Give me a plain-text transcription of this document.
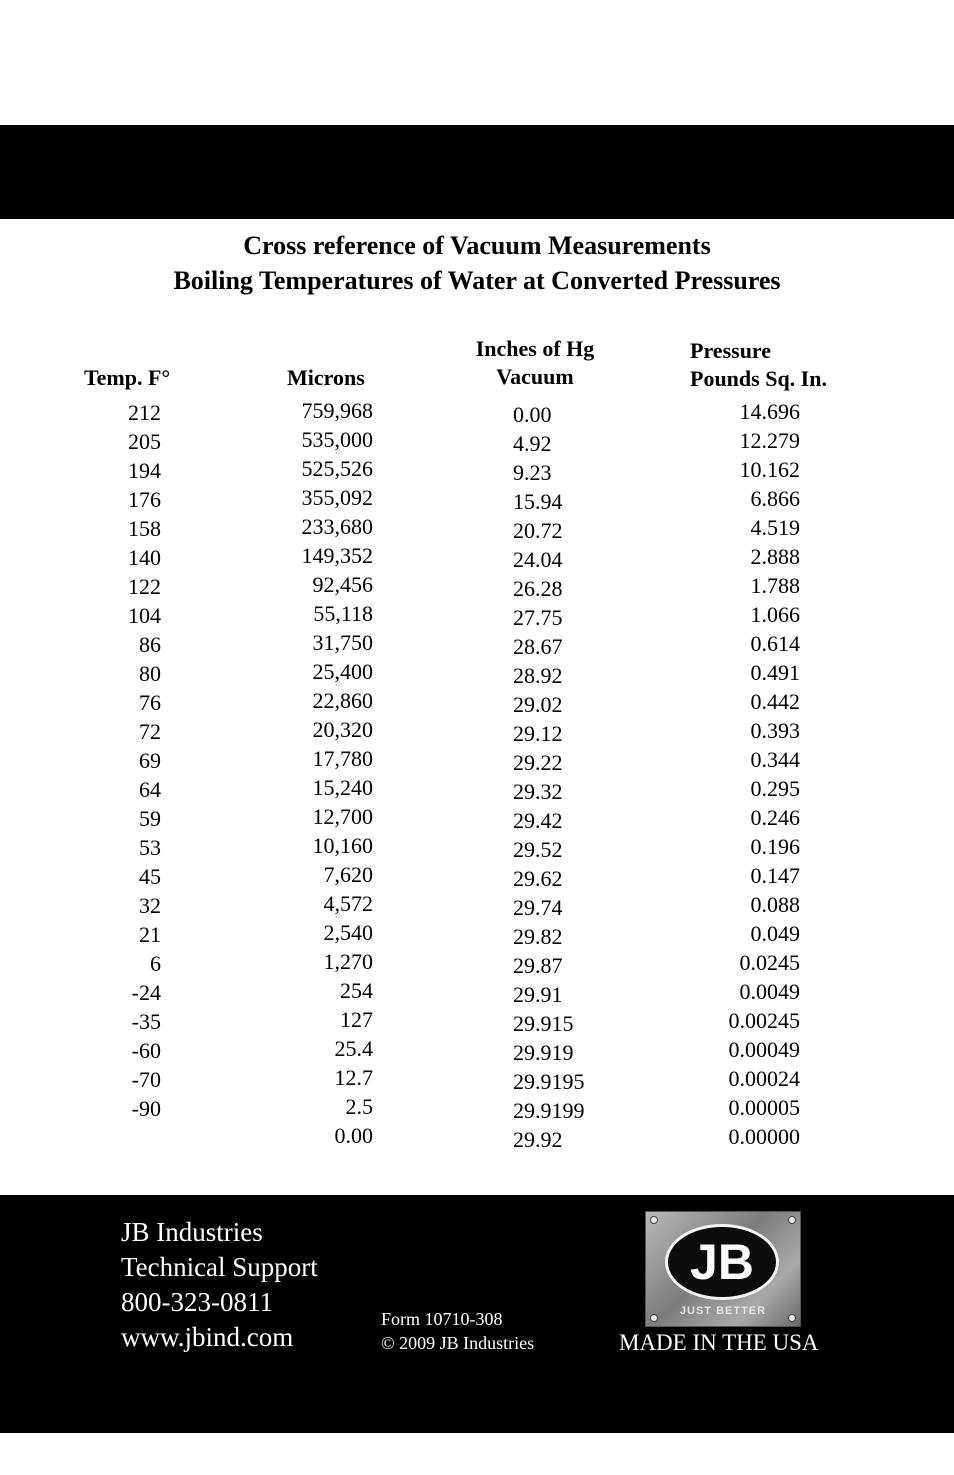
Cross reference of Vacuum Measurements
Boiling Temperatures of Water at Converted Pressures
Temp. F°	Microns
Inches of Hg
Vacuum
Pressure
Pounds Sq. In.
212
205
194
176
158
140
122
104
86
80
76
72
69
64
59
53
45
32
21
6
-24
-35
-60
-70
-90
759,968
535,000
525,526
355,092
233,680
149,352
92,456
55,118
31,750
25,400
22,860
20,320
17,780
15,240
12,700
10,160
7,620
4,572
2,540
1,270
254
127
25.4
12.7
2.5
0.00
0.00
4.92
9.23
15.94
20.72
24.04
26.28
27.75
28.67
28.92
29.02
29.12
29.22
29.32
29.42
29.52
29.62
29.74
29.82
29.87
29.91
29.915
29.919
29.9195
29.9199
29.92
14.696
12.279
10.162
6.866
4.519
2.888
1.788
1.066
0.614
0.491
0.442
0.393
0.344
0.295
0.246
0.196
0.147
0.088
0.049
0.0245
0.0049
0.00245
0.00049
0.00024
0.00005
0.00000
JB Industries
Technical Support
800-323-0811
www.jbind.com
Form 10710-308
© 2009 JB Industries
JB
JUST BETTER
MADE IN THE USA
